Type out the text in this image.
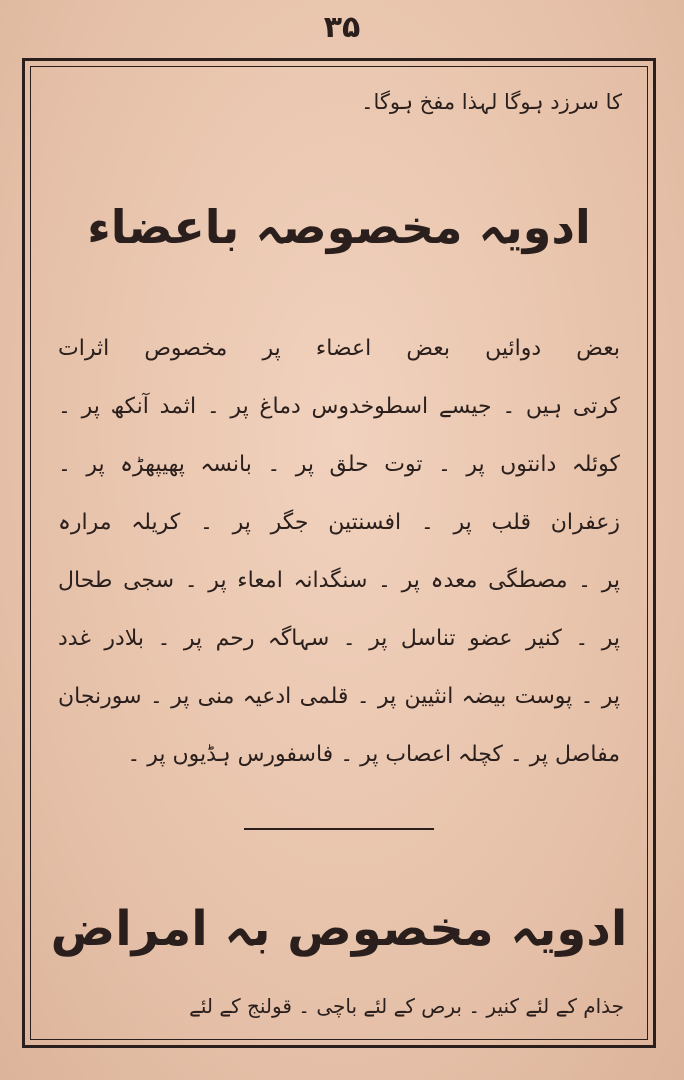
۳۵
کا سرزد ہوگا لہذا مفخ ہوگا۔
ادویہ مخصوصہ باعضاء
بعض دوائیں بعض اعضاء پر مخصوص اثرات
کرتی ہیں ۔ جیسے اسطوخدوس دماغ پر ۔ اثمد آنکھ پر ۔
کوئلہ دانتوں پر ۔ توت حلق پر ۔ بانسہ پھیپھڑہ پر ۔
زعفران قلب پر ۔ افسنتین جگر پر ۔ کریلہ مرارہ
پر ۔ مصطگی معدہ پر ۔ سنگدانہ امعاء پر ۔ سجی طحال
پر ۔ کنیر عضو تناسل پر ۔ سہاگہ رحم پر ۔ بلادر غدد
پر ۔ پوست بیضہ انثیین پر ۔ قلمی ادعیہ منی پر ۔ سورنجان
مفاصل پر ۔ کچلہ اعصاب پر ۔ فاسفورس ہڈیوں پر ۔
ادویہ مخصوص بہ امراض
جذام کے لئے کنیر ۔ برص کے لئے باچی ۔ قولنج کے لئے
